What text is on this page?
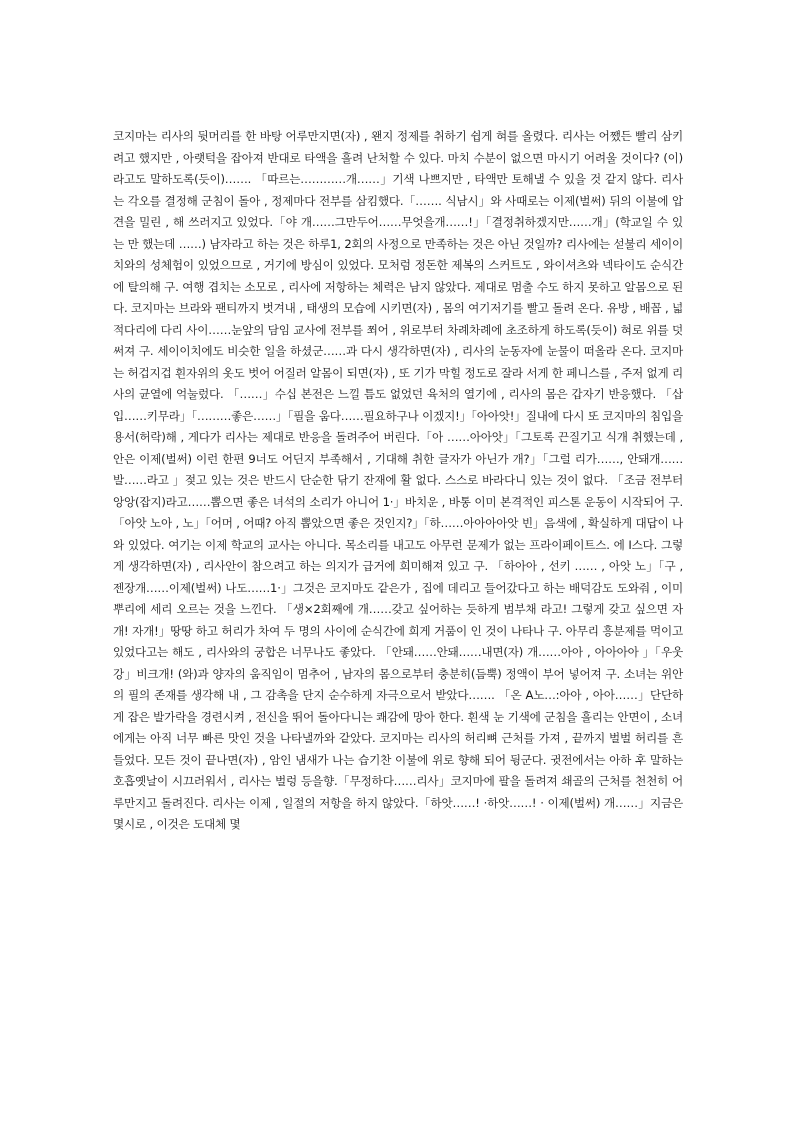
코지마는 리사의 뒷머리를 한 바탕 어루만지면(자) , 왠지 정제를 취하기 쉽게 혀를 올렸다. 리사는 어쨌든 빨리 삼키려고 했지만 , 아랫턱을 잡아져 반대로 타액을 흘려 난처할 수 있다. 마치 수분이 없으면 마시기 어려울 것이다? (이)라고도 말하도록(듯이)……. 「따르는…………개……」기색 나쁘지만 , 타액만 토해낼 수 있을 것 같지 않다. 리사는 각오를 결정해 군침이 돌아 , 정제마다 전부를 삼킴했다.「……. 식남시」와 사때로는 이제(벌써) 뒤의 이불에 압견을 밀린 , 해 쓰러지고 있었다.「야 개……그만두어……무엇을개……!」「결정취하겠지만……개」(학교일 수 있는 만 했는데 ……) 남자라고 하는 것은 하루1, 2회의 사정으로 만족하는 것은 아닌 것일까? 리사에는 섣불리 세이이치와의 성체험이 있었으므로 , 거기에 방심이 있었다. 모처럼 정돈한 제복의 스커트도 , 와이셔츠와 넥타이도 순식간에 탈의해 구. 여행 겹치는 소모로 , 리사에 저항하는 체력은 남지 않았다. 제대로 멈출 수도 하지 못하고 알몸으로 된다. 코지마는 브라와 팬티까지 벗겨내 , 태생의 모습에 시키면(자) , 몸의 여기저기를 빨고 돌려 온다. 유방 , 배꼽 , 넓적다리에 다리 사이……눈앞의 담임 교사에 전부를 쬐어 , 위로부터 차례차례에 초조하게 하도록(듯이) 혀로 위를 덧써져 구. 세이이치에도 비슷한 일을 하셨군……과 다시 생각하면(자) , 리사의 눈동자에 눈물이 떠올라 온다. 코지마는 허겁지겁 흰자위의 옷도 벗어 어질러 알몸이 되면(자) , 또 기가 막힐 정도로 잘라 서게 한 페니스를 , 주저 없게 리사의 균열에 억눌렀다. 「……」수십 본전은 느낄 틈도 없었던 육처의 열기에 , 리사의 몸은 갑자기 반응했다. 「삽입……키무라」「………좋은……」「필을 움다……필요하구나 이겠지!」「아아앗!」질내에 다시 또 코지마의 침입을 용서(허락)해 , 게다가 리사는 제대로 반응을 돌려주어 버린다.「아 ……아아앗」「그토록 끈질기고 식개 취했는데 , 안은 이제(벌써) 이런 한편 9너도 어딘지 부족해서 , 기대해 취한 글자가 아닌가 개?」「그럴 리가……, 안돼개……발……라고 」젖고 있는 것은 반드시 단순한 닦기 잔재에 활 없다. 스스로 바라다니 있는 것이 없다. 「조금 전부터 앙앙(잡지)라고……뽑으면 좋은 녀석의 소리가 아니어 1·」바치운 , 바통 이미 본격적인 피스톤 운동이 시작되어 구.「아앗 노아 , 노」「어머 , 어때? 아직 뽑았으면 좋은 것인지?」「하……아아아아앗 빈」음색에 , 확실하게 대답이 나와 있었다. 여기는 이제 학교의 교사는 아니다. 목소리를 내고도 아무런 문제가 없는 프라이페이트스. 에 I스다. 그렇게 생각하면(자) , 리사안이 참으려고 하는 의지가 급거에 희미해져 있고 구. 「하아아 , 선키 …… , 아앗 노」「구 , 젠장개……이제(벌써) 나도……1·」그것은 코지마도 같은가 , 집에 데리고 들어갔다고 하는 배덕감도 도와줘 , 이미 뿌리에 세리 오르는 것을 느낀다. 「생×2회째에 개……갖고 싶어하는 듯하게 범부채 라고! 그렇게 갖고 싶으면 자개! 자개!」땅땅 하고 허리가 차여 두 명의 사이에 순식간에 희게 거품이 인 것이 나타나 구. 아무리 흥분제를 먹이고 있었다고는 해도 , 리사와의 궁합은 너무나도 좋았다. 「안돼……안돼……내면(자) 개……아아 , 아아아아 」「우웃강」비크개! (와)과 양자의 움직임이 멈추어 , 남자의 몸으로부터 충분히(듬뿍) 정액이 부어 넣어져 구. 소녀는 위안의 필의 존재를 생각해 내 , 그 감촉을 단지 순수하게 자극으로서 받았다……. 「온 A노…:아아 , 아아……」단단하게 잡은 발가락을 경련시켜 , 전신을 뛰어 돌아다니는 쾌감에 망아 한다. 흰색 눈 기색에 군침을 흘리는 안면이 , 소녀에게는 아직 너무 빠른 맛인 것을 나타낼까와 같았다. 코지마는 리사의 허리뼈 근처를 가져 , 끝까지 벌벌 허리를 흔들었다. 모든 것이 끝나면(자) , 암인 냄새가 나는 습기찬 이불에 위로 향해 되어 뒹군다. 귓전에서는 아하 후 말하는 호흡옛날이 시끄러워서 , 리사는 벌렁 등을향.「무정하다……리사」코지마에 팔을 돌려져 쇄골의 근처를 천천히 어루만지고 돌려진다. 리사는 이제 , 일절의 저항을 하지 않았다.「하앗……! ·하앗……! · 이제(벌써) 개……」지금은 몇시로 , 이것은 도대체 몇
